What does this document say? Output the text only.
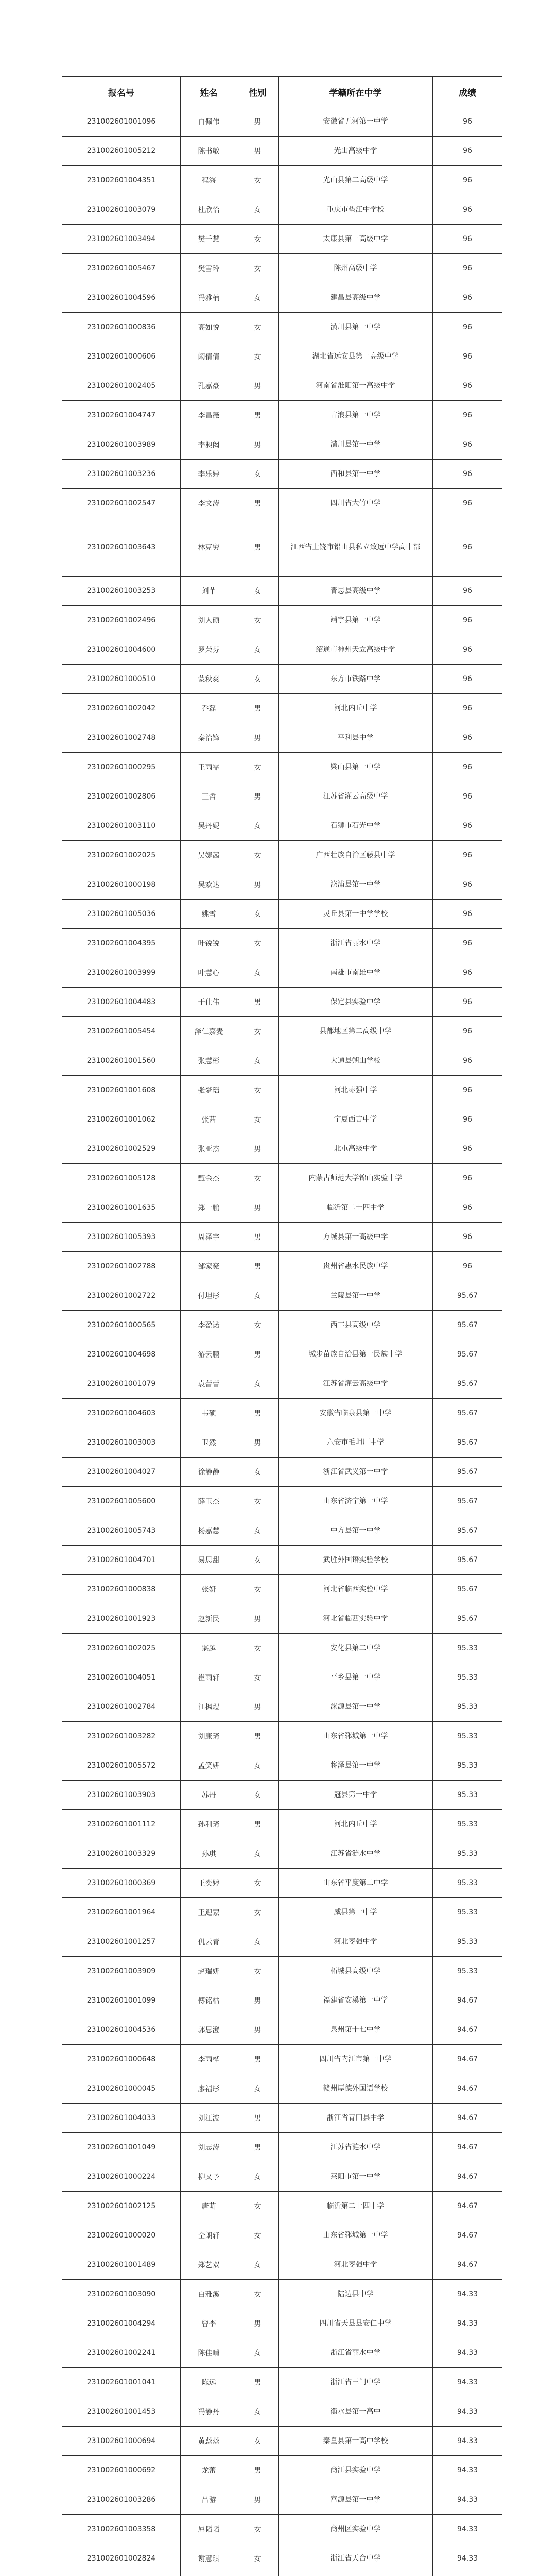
报名号	姓名	性别	学籍所在中学	成绩
231002601001096	白佩伟	男	安徽省五河第一中学	96
231002601005212	陈书敏	男	光山高级中学	96
231002601004351	程海	女	光山县第二高级中学	96
231002601003079	杜欣怡	女	重庆市垫江中学校	96
231002601003494	樊千慧	女	太康县第一高级中学	96
231002601005467	樊雪玲	女	陈州高级中学	96
231002601004596	冯雅楠	女	建昌县高级中学	96
231002601000836	高如悦	女	潢川县第一中学	96
231002601000606	阚倩倩	女	湖北省远安县第一高级中学	96
231002601002405	孔嘉豪	男	河南省淮阳第一高级中学	96
231002601004747	李昌薇	男	古浪县第一中学	96
231002601003989	李昶闳	男	潢川县第一中学	96
231002601003236	李乐婷	女	西和县第一中学	96
231002601002547	李文涛	男	四川省大竹中学	96
231002601003643	林克穷	男	江西省上饶市铅山县私立致远中学高中部	96
231002601003253	刘芊	女	晋思县高级中学	96
231002601002496	刘人硕	女	靖宇县第一中学	96
231002601004600	罗荣芬	女	绍通市神州天立高级中学	96
231002601000510	蒙秋爽	女	东方市铁路中学	96
231002601002042	乔磊	男	河北内丘中学	96
231002601002748	秦治锋	男	平利县中学	96
231002601000295	王雨霏	女	梁山县第一中学	96
231002601002806	王哲	男	江苏省灌云高级中学	96
231002601003110	吴丹妮	女	石狮市石光中学	96
231002601002025	吴婕茜	女	广西壮族自治区藤县中学	96
231002601000198	吴欢达	男	泌浦县第一中学	96
231002601005036	姚雪	女	灵丘县第一中学学校	96
231002601004395	叶锐锐	女	浙江省丽水中学	96
231002601003999	叶慧心	女	南雄市南雄中学	96
231002601004483	于仕伟	男	保定县实验中学	96
231002601005454	泽仁嘉麦	女	县都地区第二高级中学	96
231002601001560	张慧彬	女	大通县朔山学校	96
231002601001608	张梦瑶	女	河北枣强中学	96
231002601001062	张茜	女	宁夏西吉中学	96
231002601002529	张亚杰	男	北屯高级中学	96
231002601005128	甄金杰	女	内蒙古师范大学锦山实验中学	96
231002601001635	郑一鹏	男	临沂第二十四中学	96
231002601005393	周泽宇	男	方城县第一高级中学	96
231002601002788	邹家豪	男	贵州省惠水民族中学	96
231002601002722	付坦彤	女	兰陵县第一中学	95.67
231002601000565	李盈诺	女	西丰县高级中学	95.67
231002601004698	游云鹏	男	城步苗族自治县第一民族中学	95.67
231002601001079	袁蕾蕾	女	江苏省灌云高级中学	95.67
231002601004603	韦硕	男	安徽省临泉县第一中学	95.67
231002601003003	卫然	男	六安市毛坦厂中学	95.67
231002601004027	徐静静	女	浙江省武义第一中学	95.67
231002601005600	薛玉杰	女	山东省济宁第一中学	95.67
231002601005743	杨嘉慧	女	中方县第一中学	95.67
231002601004701	易思甜	女	武胜外国语实验学校	95.67
231002601000838	张妍	女	河北省临西实验中学	95.67
231002601001923	赵新民	男	河北省临西实验中学	95.67
231002601002025	谌越	女	安化县第二中学	95.33
231002601004051	崔雨轩	女	平乡县第一中学	95.33
231002601002784	江枫煜	男	涞源县第一中学	95.33
231002601003282	刘康琦	男	山东省郓城第一中学	95.33
231002601005572	孟笑妍	女	将泽县第一中学	95.33
231002601003903	苏丹	女	冠县第一中学	95.33
231002601001112	孙利琦	男	河北内丘中学	95.33
231002601003329	孙琪	女	江苏省涟水中学	95.33
231002601000369	王奕婷	女	山东省平度第二中学	95.33
231002601001964	王迎蒙	女	威县第一中学	95.33
231002601001257	仉云青	女	河北枣强中学	95.33
231002601003909	赵瑞妍	女	柘城县高级中学	95.33
231002601001099	傅铭枯	男	福建省安溪第一中学	94.67
231002601004536	郭思澄	男	泉州第十七中学	94.67
231002601000648	李雨桦	男	四川省内江市第一中学	94.67
231002601000045	廖福彤	女	赣州厚德外国语学校	94.67
231002601004033	刘江波	男	浙江省青田县中学	94.67
231002601001049	刘志涛	男	江苏省涟水中学	94.67
231002601000224	柳又予	女	莱阳市第一中学	94.67
231002601002125	唐萌	女	临沂第二十四中学	94.67
231002601000020	仝朗轩	女	山东省郓城第一中学	94.67
231002601001489	郑艺双	女	河北枣强中学	94.67
231002601003090	白雅溪	女	陆边县中学	94.33
231002601004294	曾李	男	四川省天县县安仁中学	94.33
231002601002241	陈佳晴	女	浙江省丽水中学	94.33
231002601001041	陈远	男	浙江省三门中学	94.33
231002601001453	冯静丹	女	衡水县第一高中	94.33
231002601000694	黄蕊蕊	女	秦皇县第一高中学校	94.33
231002601000692	龙蕾	男	商江县实验中学	94.33
231002601003286	吕游	男	富源县第一中学	94.33
231002601003358	屈韬韬	女	商州区实验中学	94.33
231002601002824	谢慧琪	女	浙江省天台中学	94.33
